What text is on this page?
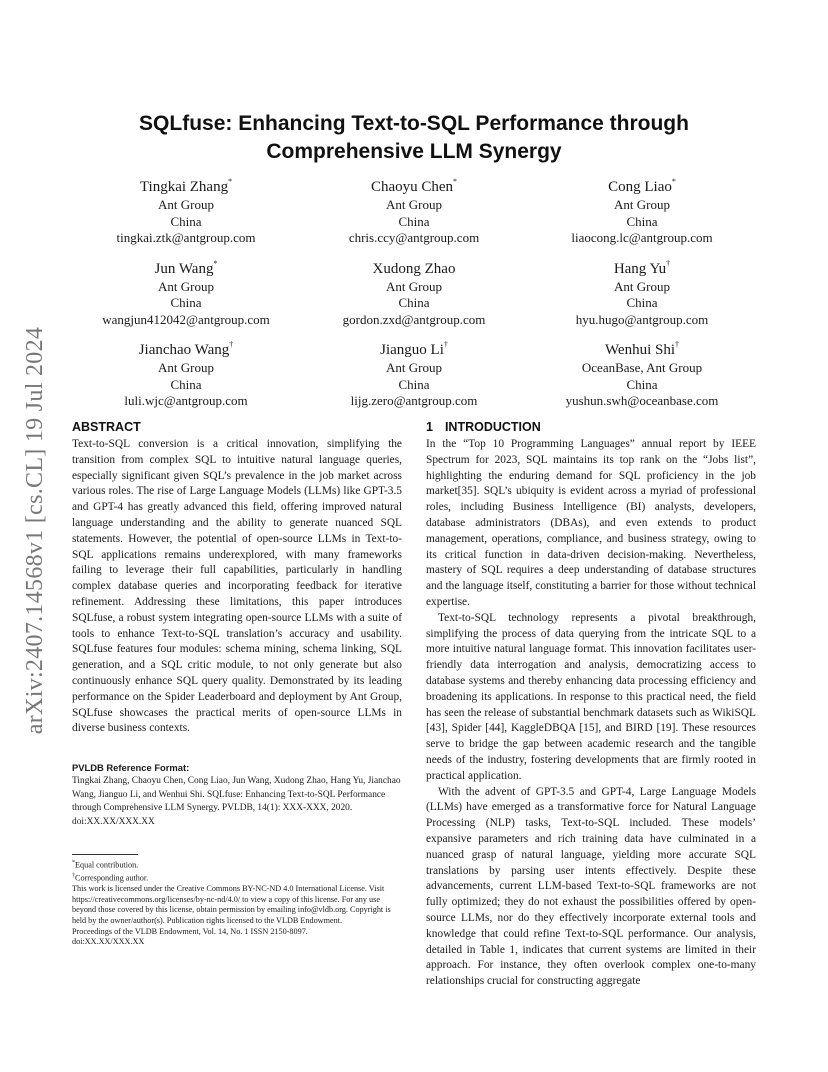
arXiv:2407.14568v1 [cs.CL] 19 Jul 2024
SQLfuse: Enhancing Text-to-SQL Performance through
Comprehensive LLM Synergy
Tingkai Zhang*
Ant Group
China
tingkai.ztk@antgroup.com
Chaoyu Chen*
Ant Group
China
chris.ccy@antgroup.com
Cong Liao*
Ant Group
China
liaocong.lc@antgroup.com
Jun Wang*
Ant Group
China
wangjun412042@antgroup.com
Xudong Zhao
Ant Group
China
gordon.zxd@antgroup.com
Hang Yu†
Ant Group
China
hyu.hugo@antgroup.com
Jianchao Wang†
Ant Group
China
luli.wjc@antgroup.com
Jianguo Li†
Ant Group
China
lijg.zero@antgroup.com
Wenhui Shi†
OceanBase, Ant Group
China
yushun.swh@oceanbase.com
ABSTRACT

Text-to-SQL conversion is a critical innovation, simplifying the transition from complex SQL to intuitive natural language queries, especially significant given SQL’s prevalence in the job market across various roles. The rise of Large Language Models (LLMs) like GPT-3.5 and GPT-4 has greatly advanced this field, offering improved natural language understanding and the ability to generate nuanced SQL statements. However, the potential of open-source LLMs in Text-to-SQL applications remains underexplored, with many frameworks failing to leverage their full capabilities, particularly in handling complex database queries and incorporating feedback for iterative refinement. Addressing these limitations, this paper introduces SQLfuse, a robust system integrating open-source LLMs with a suite of tools to enhance Text-to-SQL translation’s accuracy and usability. SQLfuse features four modules: schema mining, schema linking, SQL generation, and a SQL critic module, to not only generate but also continuously enhance SQL query quality. Demonstrated by its leading performance on the Spider Leaderboard and deployment by Ant Group, SQLfuse showcases the practical merits of open-source LLMs in diverse business contexts.

PVLDB Reference Format:
Tingkai Zhang, Chaoyu Chen, Cong Liao, Jun Wang, Xudong Zhao, Hang Yu, Jianchao Wang, Jianguo Li, and Wenhui Shi. SQLfuse: Enhancing Text-to-SQL Performance through Comprehensive LLM Synergy. PVLDB, 14(1): XXX-XXX, 2020.
doi:XX.XX/XXX.XX
*Equal contribution.
†Corresponding author.
This work is licensed under the Creative Commons BY-NC-ND 4.0 International License. Visit https://creativecommons.org/licenses/by-nc-nd/4.0/ to view a copy of this license. For any use beyond those covered by this license, obtain permission by emailing info@vldb.org. Copyright is held by the owner/author(s). Publication rights licensed to the VLDB Endowment.
Proceedings of the VLDB Endowment, Vol. 14, No. 1 ISSN 2150-8097.
doi:XX.XX/XXX.XX
1 INTRODUCTION

In the “Top 10 Programming Languages” annual report by IEEE Spectrum for 2023, SQL maintains its top rank on the “Jobs list”, highlighting the enduring demand for SQL proficiency in the job market[35]. SQL’s ubiquity is evident across a myriad of professional roles, including Business Intelligence (BI) analysts, developers, database administrators (DBAs), and even extends to product management, operations, compliance, and business strategy, owing to its critical function in data-driven decision-making. Nevertheless, mastery of SQL requires a deep understanding of database structures and the language itself, constituting a barrier for those without technical expertise.

Text-to-SQL technology represents a pivotal breakthrough, simplifying the process of data querying from the intricate SQL to a more intuitive natural language format. This innovation facilitates user-friendly data interrogation and analysis, democratizing access to database systems and thereby enhancing data processing efficiency and broadening its applications. In response to this practical need, the field has seen the release of substantial benchmark datasets such as WikiSQL [43], Spider [44], KaggleDBQA [15], and BIRD [19]. These resources serve to bridge the gap between academic research and the tangible needs of the industry, fostering developments that are firmly rooted in practical application.

With the advent of GPT-3.5 and GPT-4, Large Language Models (LLMs) have emerged as a transformative force for Natural Language Processing (NLP) tasks, Text-to-SQL included. These models’ expansive parameters and rich training data have culminated in a nuanced grasp of natural language, yielding more accurate SQL translations by parsing user intents effectively. Despite these advancements, current LLM-based Text-to-SQL frameworks are not fully optimized; they do not exhaust the possibilities offered by open-source LLMs, nor do they effectively incorporate external tools and knowledge that could refine Text-to-SQL performance. Our analysis, detailed in Table 1, indicates that current systems are limited in their approach. For instance, they often overlook complex one-to-many relationships crucial for constructing aggregate
